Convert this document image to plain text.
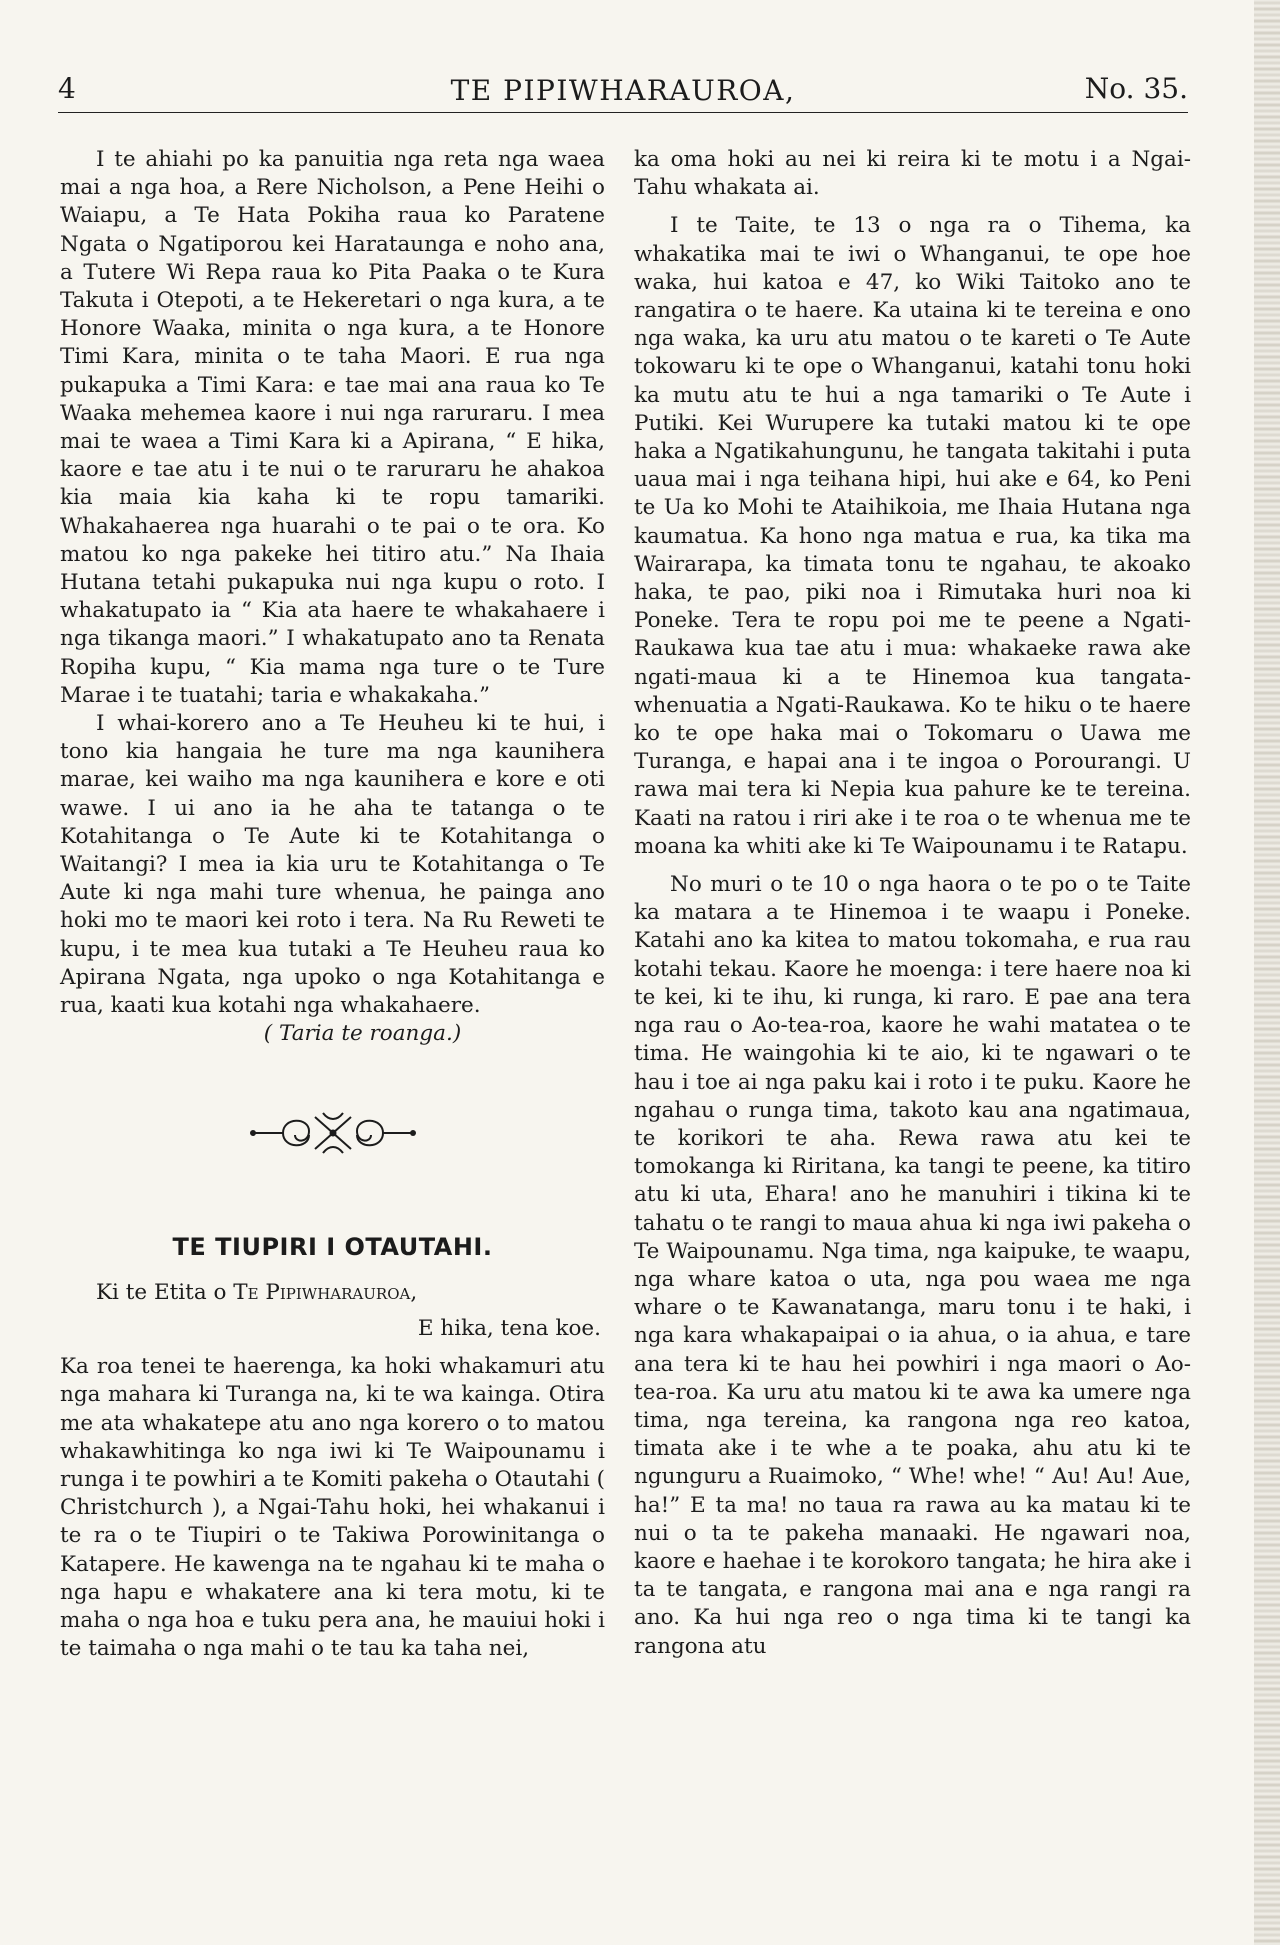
4	TE PIPIWHARAUROA,	No. 35.

I te ahiahi po ka panuitia nga reta nga waea mai a nga hoa, a Rere Nicholson, a Pene Heihi o Waiapu, a Te Hata Pokiha raua ko Paratene Ngata o Ngatiporou kei Harataunga e noho ana, a Tutere Wi Repa raua ko Pita Paaka o te Kura Takuta i Otepoti, a te Hekeretari o nga kura, a te Honore Waaka, minita o nga kura, a te Honore Timi Kara, minita o te taha Maori. E rua nga pukapuka a Timi Kara: e tae mai ana raua ko Te Waaka mehemea kaore i nui nga raruraru. I mea mai te waea a Timi Kara ki a Apirana, “ E hika, kaore e tae atu i te nui o te raruraru he ahakoa kia maia kia kaha ki te ropu tamariki. Whakahaerea nga huarahi o te pai o te ora. Ko matou ko nga pakeke hei titiro atu.” Na Ihaia Hutana tetahi pukapuka nui nga kupu o roto. I whakatupato ia “ Kia ata haere te whakahaere i nga tikanga maori.” I whakatupato ano ta Renata Ropiha kupu, “ Kia mama nga ture o te Ture Marae i te tuatahi; taria e whakakaha.”

I whai-korero ano a Te Heuheu ki te hui, i tono kia hangaia he ture ma nga kaunihera marae, kei waiho ma nga kaunihera e kore e oti wawe. I ui ano ia he aha te tatanga o te Kotahitanga o Te Aute ki te Kotahitanga o Waitangi? I mea ia kia uru te Kotahitanga o Te Aute ki nga mahi ture whenua, he painga ano hoki mo te maori kei roto i tera. Na Ru Reweti te kupu, i te mea kua tutaki a Te Heuheu raua ko Apirana Ngata, nga upoko o nga Kotahitanga e rua, kaati kua kotahi nga whakahaere.

( Taria te roanga.)

TE TIUPIRI I OTAUTAHI.
Ki te Etita o Te Pipiwharauroa,
E hika, tena koe.

Ka roa tenei te haerenga, ka hoki whakamuri atu nga mahara ki Turanga na, ki te wa kainga. Otira me ata whakatepe atu ano nga korero o to matou whakawhitinga ko nga iwi ki Te Waipounamu i runga i te powhiri a te Komiti pakeha o Otautahi ( Christchurch ), a Ngai-Tahu hoki, hei whakanui i te ra o te Tiupiri o te Takiwa Porowinitanga o Katapere. He kawenga na te ngahau ki te maha o nga hapu e whakatere ana ki tera motu, ki te maha o nga hoa e tuku pera ana, he mauiui hoki i te taimaha o nga mahi o te tau ka taha nei,

ka oma hoki au nei ki reira ki te motu i a Ngai-Tahu whakata ai.

I te Taite, te 13 o nga ra o Tihema, ka whakatika mai te iwi o Whanganui, te ope hoe waka, hui katoa e 47, ko Wiki Taitoko ano te rangatira o te haere. Ka utaina ki te tereina e ono nga waka, ka uru atu matou o te kareti o Te Aute tokowaru ki te ope o Whanganui, katahi tonu hoki ka mutu atu te hui a nga tamariki o Te Aute i Putiki. Kei Wurupere ka tutaki matou ki te ope haka a Ngatikahungunu, he tangata takitahi i puta uaua mai i nga teihana hipi, hui ake e 64, ko Peni te Ua ko Mohi te Ataihikoia, me Ihaia Hutana nga kaumatua. Ka hono nga matua e rua, ka tika ma Wairarapa, ka timata tonu te ngahau, te akoako haka, te pao, piki noa i Rimutaka huri noa ki Poneke. Tera te ropu poi me te peene a Ngati-Raukawa kua tae atu i mua: whakaeke rawa ake ngati-maua ki a te Hinemoa kua tangata-whenuatia a Ngati-Raukawa. Ko te hiku o te haere ko te ope haka mai o Tokomaru o Uawa me Turanga, e hapai ana i te ingoa o Porourangi. U rawa mai tera ki Nepia kua pahure ke te tereina. Kaati na ratou i riri ake i te roa o te whenua me te moana ka whiti ake ki Te Waipounamu i te Ratapu.

No muri o te 10 o nga haora o te po o te Taite ka matara a te Hinemoa i te waapu i Poneke. Katahi ano ka kitea to matou tokomaha, e rua rau kotahi tekau. Kaore he moenga: i tere haere noa ki te kei, ki te ihu, ki runga, ki raro. E pae ana tera nga rau o Ao-tea-roa, kaore he wahi matatea o te tima. He waingohia ki te aio, ki te ngawari o te hau i toe ai nga paku kai i roto i te puku. Kaore he ngahau o runga tima, takoto kau ana ngatimaua, te korikori te aha. Rewa rawa atu kei te tomokanga ki Riritana, ka tangi te peene, ka titiro atu ki uta, Ehara! ano he manuhiri i tikina ki te tahatu o te rangi to maua ahua ki nga iwi pakeha o Te Waipounamu. Nga tima, nga kaipuke, te waapu, nga whare katoa o uta, nga pou waea me nga whare o te Kawanatanga, maru tonu i te haki, i nga kara whakapaipai o ia ahua, o ia ahua, e tare ana tera ki te hau hei powhiri i nga maori o Ao-tea-roa. Ka uru atu matou ki te awa ka umere nga tima, nga tereina, ka rangona nga reo katoa, timata ake i te whe a te poaka, ahu atu ki te ngunguru a Ruaimoko, “ Whe! whe! “ Au! Au! Aue, ha!” E ta ma! no taua ra rawa au ka matau ki te nui o ta te pakeha manaaki. He ngawari noa, kaore e haehae i te korokoro tangata; he hira ake i ta te tangata, e rangona mai ana e nga rangi ra ano. Ka hui nga reo o nga tima ki te tangi ka rangona atu
